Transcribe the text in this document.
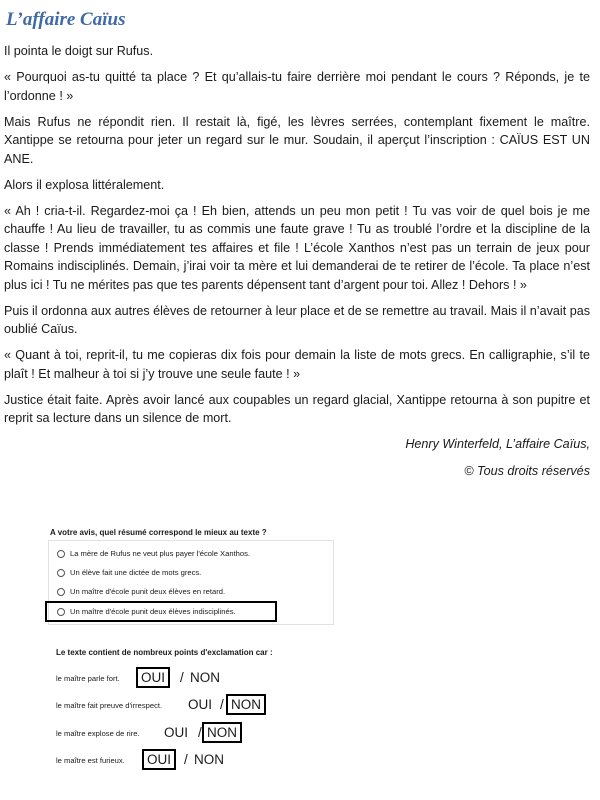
L’affaire Caïus

Il pointa le doigt sur Rufus.

« Pourquoi as-tu quitté ta place ? Et qu’allais-tu faire derrière moi pendant le cours ? Réponds, je te l’ordonne ! »

Mais Rufus ne répondit rien. Il restait là, figé, les lèvres serrées, contemplant fixement le maître. Xantippe se retourna pour jeter un regard sur le mur. Soudain, il aperçut l’inscription : CAÏUS EST UN ANE.

Alors il explosa littéralement.

« Ah ! cria-t-il. Regardez-moi ça ! Eh bien, attends un peu mon petit ! Tu vas voir de quel bois je me chauffe ! Au lieu de travailler, tu as commis une faute grave ! Tu as troublé l’ordre et la discipline de la classe ! Prends immédiatement tes affaires et file ! L’école Xanthos n’est pas un terrain de jeux pour Romains indisciplinés. Demain, j’irai voir ta mère et lui demanderai de te retirer de l’école. Ta place n’est plus ici ! Tu ne mérites pas que tes parents dépensent tant d’argent pour toi. Allez ! Dehors ! »

Puis il ordonna aux autres élèves de retourner à leur place et de se remettre au travail. Mais il n’avait pas oublié Caïus.

« Quant à toi, reprit-il, tu me copieras dix fois pour demain la liste de mots grecs. En calligraphie, s’il te plaît ! Et malheur à toi si j’y trouve une seule faute ! »

Justice était faite. Après avoir lancé aux coupables un regard glacial, Xantippe retourna à son pupitre et reprit sa lecture dans un silence de mort.

Henry Winterfeld, L’affaire Caïus,
© Tous droits réservés
A votre avis, quel résumé correspond le mieux au texte ?
La mère de Rufus ne veut plus payer l'école Xanthos.
Un élève fait une dictée de mots grecs.
Un maître d'école punit deux élèves en retard.
Un maître d'école punit deux élèves indisciplinés.
Le texte contient de nombreux points d'exclamation car :
le maître parle fort.	OUI	/ NON
le maître fait preuve d'irrespect. OUI / NON
le maître explose de rire. OUI / NON
le maître est furieux.	OUI / NON
